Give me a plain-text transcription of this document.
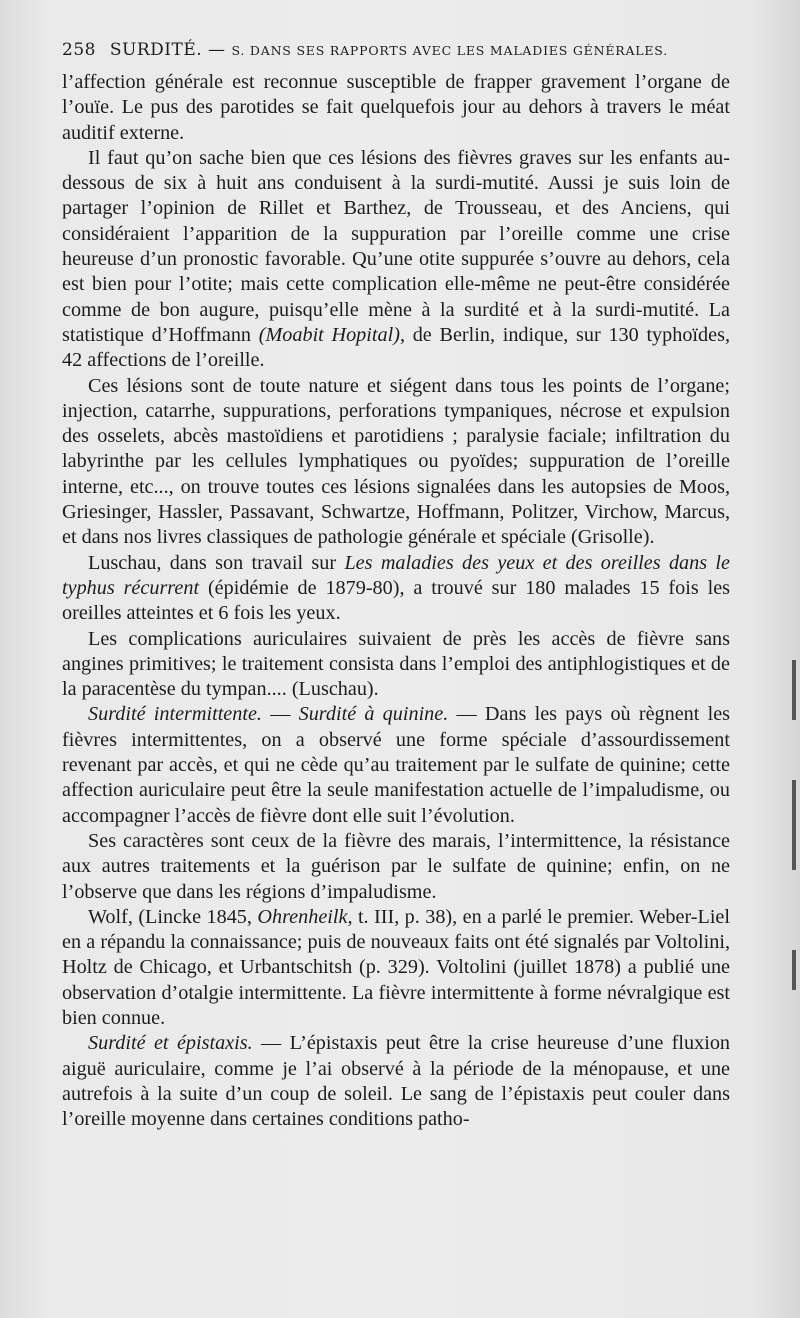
258 SURDITÉ. — S. DANS SES RAPPORTS AVEC LES MALADIES GÉNÉRALES.

l’affection générale est reconnue susceptible de frapper gravement l’organe de l’ouïe. Le pus des parotides se fait quelquefois jour au dehors à travers le méat auditif externe.

Il faut qu’on sache bien que ces lésions des fièvres graves sur les enfants au-dessous de six à huit ans conduisent à la surdi-mutité. Aussi je suis loin de partager l’opinion de Rillet et Barthez, de Trousseau, et des Anciens, qui considéraient l’apparition de la suppuration par l’oreille comme une crise heureuse d’un pronostic favorable. Qu’une otite suppurée s’ouvre au dehors, cela est bien pour l’otite; mais cette complication elle-même ne peut-être considérée comme de bon augure, puisqu’elle mène à la surdité et à la surdi-mutité. La statistique d’Hoffmann (Moabit Hopital), de Berlin, indique, sur 130 typhoïdes, 42 affections de l’oreille.

Ces lésions sont de toute nature et siégent dans tous les points de l’organe; injection, catarrhe, suppurations, perforations tympaniques, nécrose et expulsion des osselets, abcès mastoïdiens et parotidiens ; paralysie faciale; infiltration du labyrinthe par les cellules lymphatiques ou pyoïdes; suppuration de l’oreille interne, etc..., on trouve toutes ces lésions signalées dans les autopsies de Moos, Griesinger, Hassler, Passavant, Schwartze, Hoffmann, Politzer, Virchow, Marcus, et dans nos livres classiques de pathologie générale et spéciale (Grisolle).

Luschau, dans son travail sur Les maladies des yeux et des oreilles dans le typhus récurrent (épidémie de 1879-80), a trouvé sur 180 malades 15 fois les oreilles atteintes et 6 fois les yeux.

Les complications auriculaires suivaient de près les accès de fièvre sans angines primitives; le traitement consista dans l’emploi des antiphlogistiques et de la paracentèse du tympan.... (Luschau).

Surdité intermittente. — Surdité à quinine. — Dans les pays où règnent les fièvres intermittentes, on a observé une forme spéciale d’assourdissement revenant par accès, et qui ne cède qu’au traitement par le sulfate de quinine; cette affection auriculaire peut être la seule manifestation actuelle de l’impaludisme, ou accompagner l’accès de fièvre dont elle suit l’évolution.

Ses caractères sont ceux de la fièvre des marais, l’intermittence, la résistance aux autres traitements et la guérison par le sulfate de quinine; enfin, on ne l’observe que dans les régions d’impaludisme.

Wolf, (Lincke 1845, Ohrenheilk, t. III, p. 38), en a parlé le premier. Weber-Liel en a répandu la connaissance; puis de nouveaux faits ont été signalés par Voltolini, Holtz de Chicago, et Urbantschitsh (p. 329). Voltolini (juillet 1878) a publié une observation d’otalgie intermittente. La fièvre intermittente à forme névralgique est bien connue.

Surdité et épistaxis. — L’épistaxis peut être la crise heureuse d’une fluxion aiguë auriculaire, comme je l’ai observé à la période de la ménopause, et une autrefois à la suite d’un coup de soleil. Le sang de l’épistaxis peut couler dans l’oreille moyenne dans certaines conditions patho-
